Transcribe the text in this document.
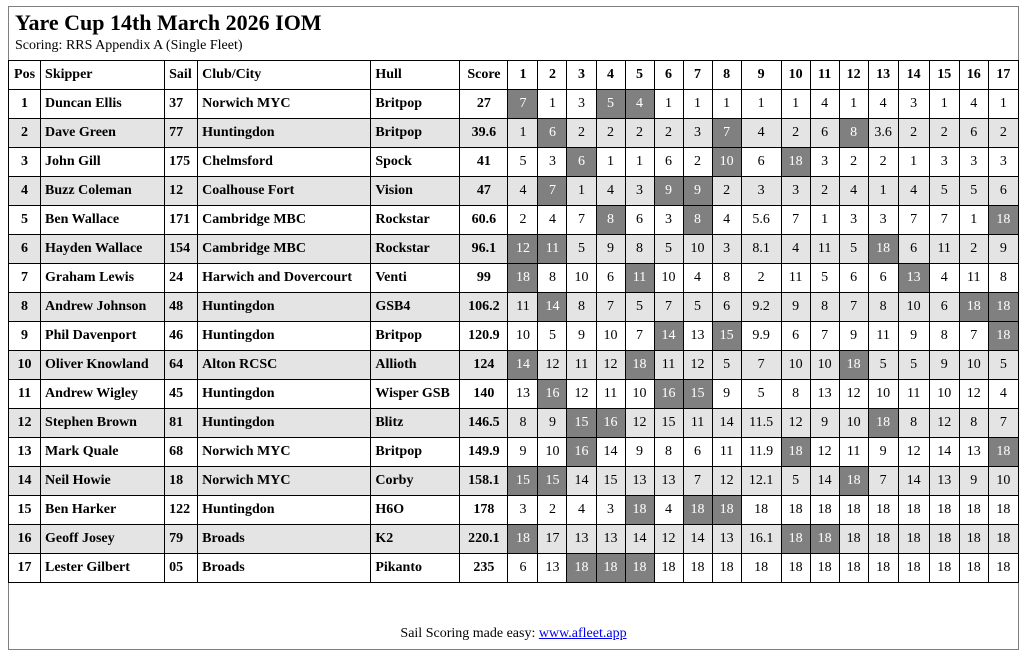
Yare Cup 14th March 2026 IOM
Scoring: RRS Appendix A (Single Fleet)
Pos	Skipper	Sail	Club/City	Hull	Score	1	2	3	4	5	6	7	8	9	10	11	12	13	14	15	16	17
1	Duncan Ellis	37	Norwich MYC	Britpop	27	7	1	3	5	4	1	1	1	1	1	4	1	4	3	1	4	1
2	Dave Green	77	Huntingdon	Britpop	39.6	1	6	2	2	2	2	3	7	4	2	6	8	3.6	2	2	6	2
3	John Gill	175	Chelmsford	Spock	41	5	3	6	1	1	6	2	10	6	18	3	2	2	1	3	3	3
4	Buzz Coleman	12	Coalhouse Fort	Vision	47	4	7	1	4	3	9	9	2	3	3	2	4	1	4	5	5	6
5	Ben Wallace	171	Cambridge MBC	Rockstar	60.6	2	4	7	8	6	3	8	4	5.6	7	1	3	3	7	7	1	18
6	Hayden Wallace	154	Cambridge MBC	Rockstar	96.1	12	11	5	9	8	5	10	3	8.1	4	11	5	18	6	11	2	9
7	Graham Lewis	24	Harwich and Dovercourt	Venti	99	18	8	10	6	11	10	4	8	2	11	5	6	6	13	4	11	8
8	Andrew Johnson	48	Huntingdon	GSB4	106.2	11	14	8	7	5	7	5	6	9.2	9	8	7	8	10	6	18	18
9	Phil Davenport	46	Huntingdon	Britpop	120.9	10	5	9	10	7	14	13	15	9.9	6	7	9	11	9	8	7	18
10	Oliver Knowland	64	Alton RCSC	Allioth	124	14	12	11	12	18	11	12	5	7	10	10	18	5	5	9	10	5
11	Andrew Wigley	45	Huntingdon	Wisper GSB	140	13	16	12	11	10	16	15	9	5	8	13	12	10	11	10	12	4
12	Stephen Brown	81	Huntingdon	Blitz	146.5	8	9	15	16	12	15	11	14	11.5	12	9	10	18	8	12	8	7
13	Mark Quale	68	Norwich MYC	Britpop	149.9	9	10	16	14	9	8	6	11	11.9	18	12	11	9	12	14	13	18
14	Neil Howie	18	Norwich MYC	Corby	158.1	15	15	14	15	13	13	7	12	12.1	5	14	18	7	14	13	9	10
15	Ben Harker	122	Huntingdon	H6O	178	3	2	4	3	18	4	18	18	18	18	18	18	18	18	18	18	18
16	Geoff Josey	79	Broads	K2	220.1	18	17	13	13	14	12	14	13	16.1	18	18	18	18	18	18	18	18
17	Lester Gilbert	05	Broads	Pikanto	235	6	13	18	18	18	18	18	18	18	18	18	18	18	18	18	18	18
Sail Scoring made easy: www.afleet.app
